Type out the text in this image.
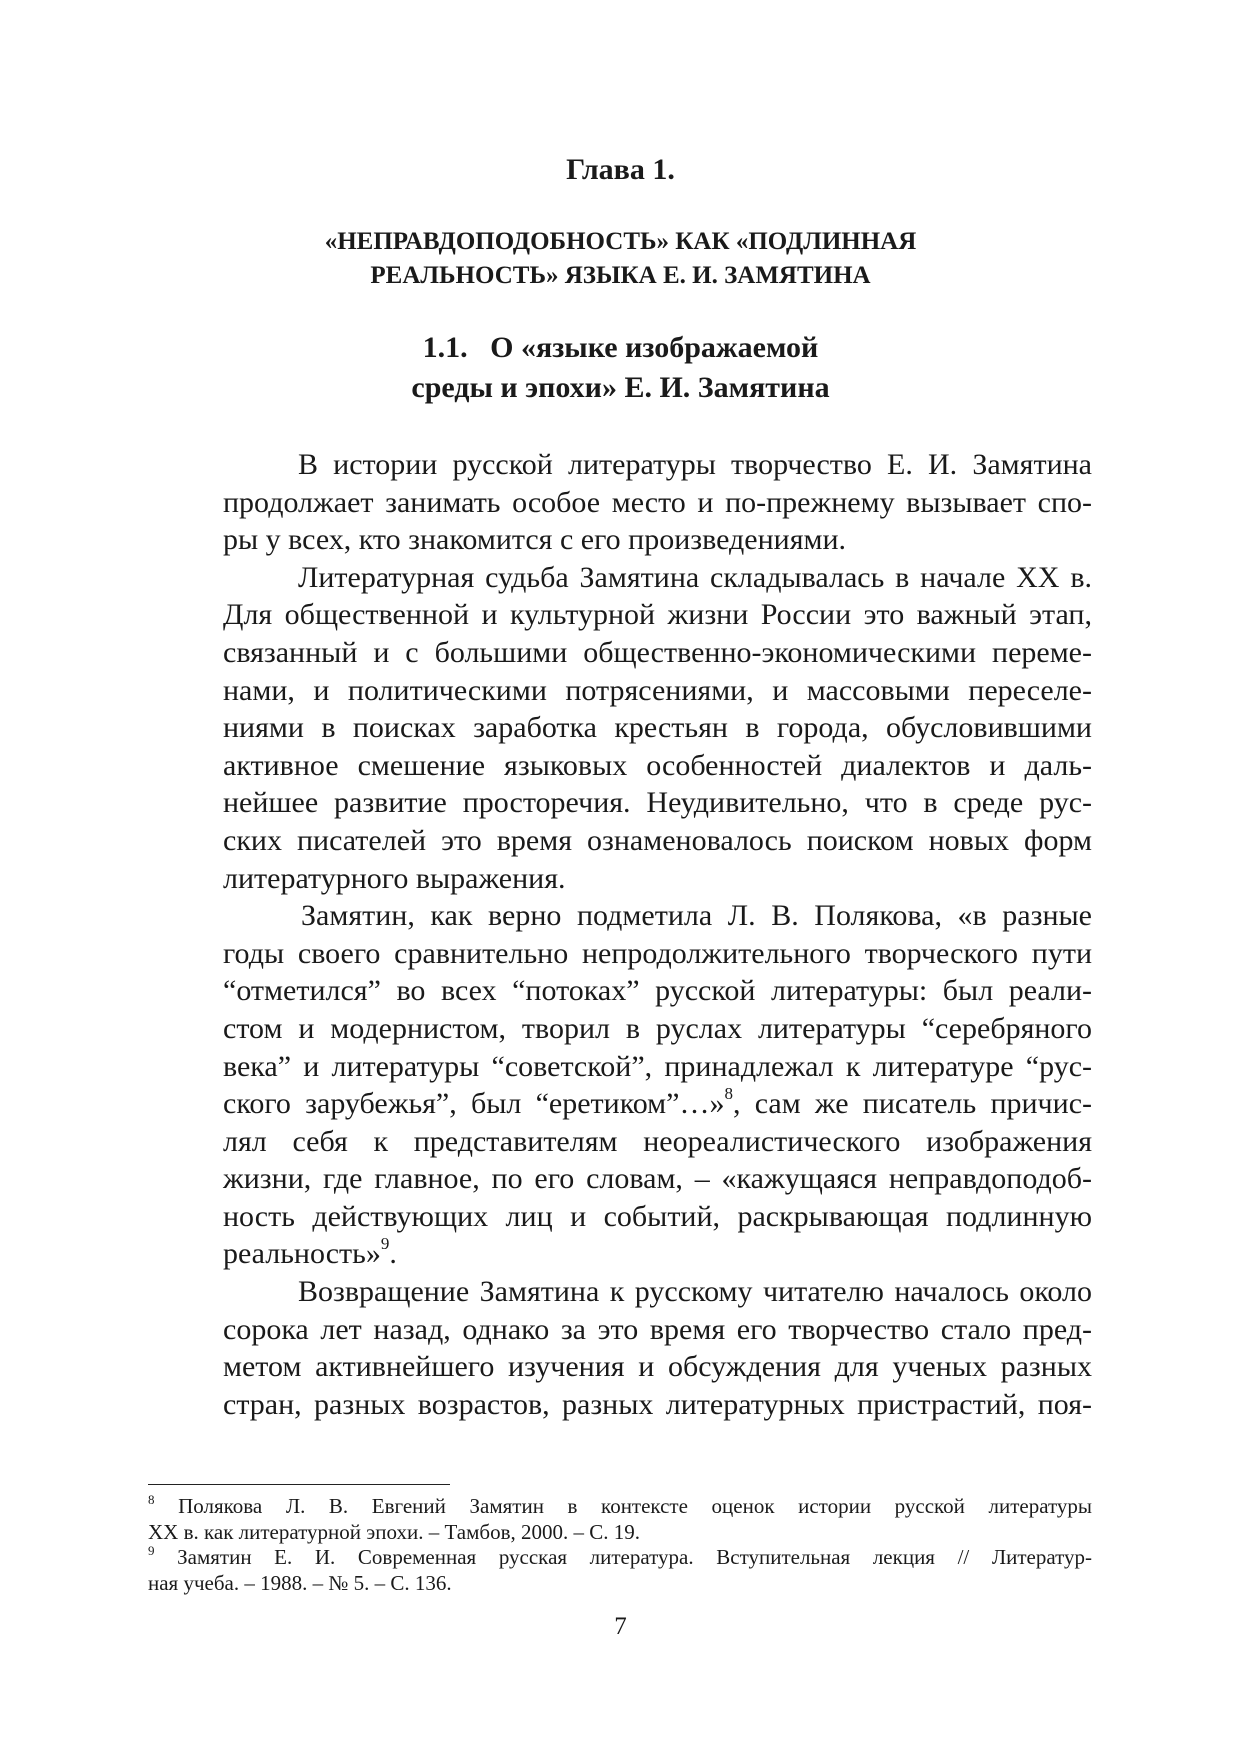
Глава 1.
«НЕПРАВДОПОДОБНОСТЬ» КАК «ПОДЛИННАЯ
РЕАЛЬНОСТЬ» ЯЗЫКА Е. И. ЗАМЯТИНА
1.1.   О «языке изображаемой
среды и эпохи» Е. И. Замятина

В истории русской литературы творчество Е. И. Замятина
продолжает занимать особое место и по-прежнему вызывает спо-
ры у всех, кто знакомится с его произведениями.

Литературная судьба Замятина складывалась в начале ХХ в.
Для общественной и культурной жизни России это важный этап,
связанный и с большими общественно-экономическими переме-
нами, и политическими потрясениями, и массовыми переселе-
ниями в поисках заработка крестьян в города, обусловившими
активное смешение языковых особенностей диалектов и даль-
нейшее развитие просторечия. Неудивительно, что в среде рус-
ских писателей это время ознаменовалось поиском новых форм
литературного выражения.

Замятин, как верно подметила Л. В. Полякова, «в разные
годы своего сравнительно непродолжительного творческого пути
“отметился” во всех “потоках” русской литературы: был реали-
стом и модернистом, творил в руслах литературы “серебряного
века” и литературы “советской”, принадлежал к литературе “рус-
ского зарубежья”, был “еретиком”…»$^8$, сам же писатель причис-
лял себя к представителям неореалистического изображения
жизни, где главное, по его словам, – «кажущаяся неправдоподоб-
ность действующих лиц и событий, раскрывающая подлинную
реальность»$^9$.

Возвращение Замятина к русскому читателю началось около
сорока лет назад, однако за это время его творчество стало пред-
метом активнейшего изучения и обсуждения для ученых разных
стран, разных возрастов, разных литературных пристрастий, поя-

$^8$ Полякова Л. В. Евгений Замятин в контексте оценок истории русской литературы
ХХ в. как литературной эпохи. – Тамбов, 2000. – С. 19.
$^9$ Замятин Е. И. Современная русская литература. Вступительная лекция // Литератур-
ная учеба. – 1988. – № 5. – С. 136.
7
